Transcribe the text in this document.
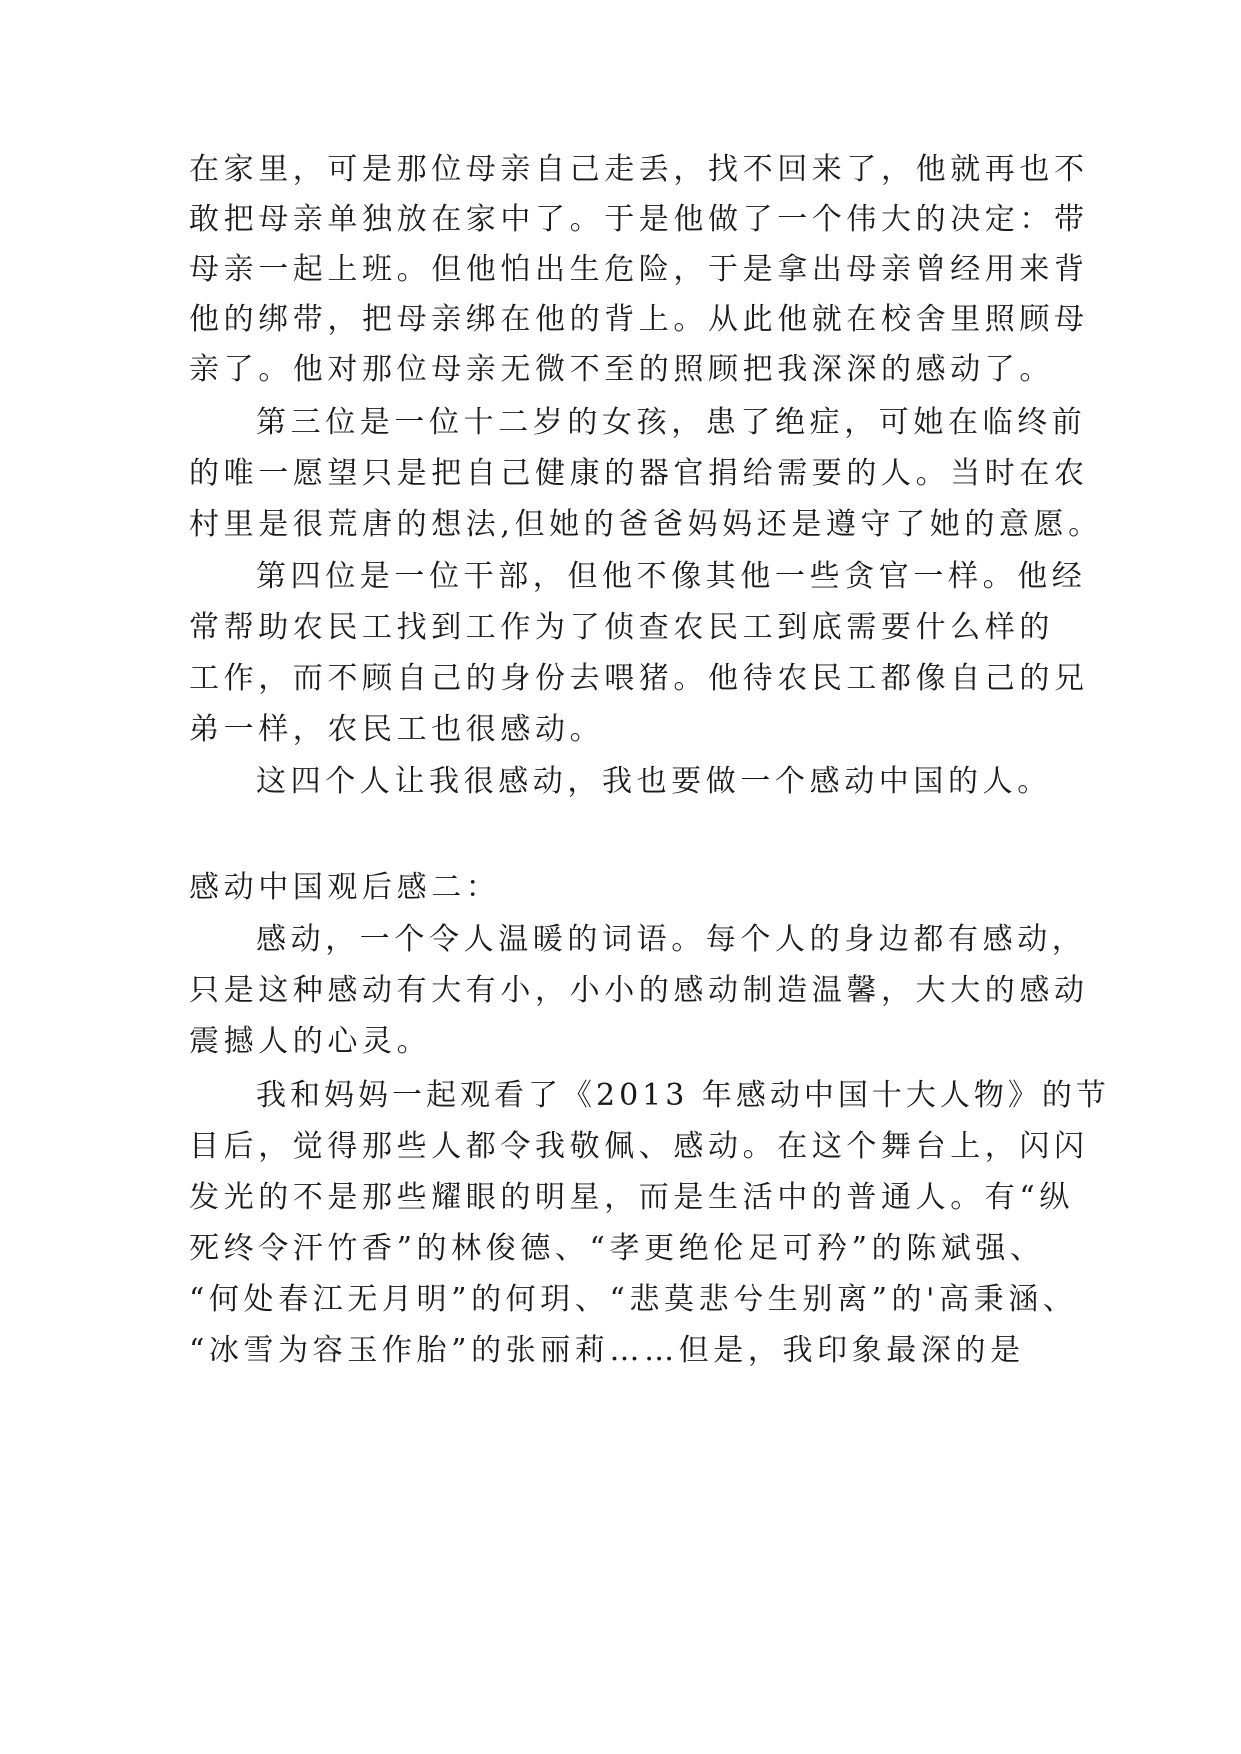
在家里，可是那位母亲自己走丢，找不回来了，他就再也不
敢把母亲单独放在家中了。于是他做了一个伟大的决定：带
母亲一起上班。但他怕出生危险，于是拿出母亲曾经用来背
他的绑带，把母亲绑在他的背上。从此他就在校舍里照顾母
亲了。他对那位母亲无微不至的照顾把我深深的感动了。
第三位是一位十二岁的女孩，患了绝症，可她在临终前
的唯一愿望只是把自己健康的器官捐给需要的人。当时在农
村里是很荒唐的想法,但她的爸爸妈妈还是遵守了她的意愿。
第四位是一位干部，但他不像其他一些贪官一样。他经
常帮助农民工找到工作为了侦查农民工到底需要什么样的
工作，而不顾自己的身份去喂猪。他待农民工都像自己的兄
弟一样，农民工也很感动。
这四个人让我很感动，我也要做一个感动中国的人。
感动中国观后感二：
感动，一个令人温暖的词语。每个人的身边都有感动，
只是这种感动有大有小，小小的感动制造温馨，大大的感动
震撼人的心灵。
我和妈妈一起观看了《2013 年感动中国十大人物》的节
目后，觉得那些人都令我敬佩、感动。在这个舞台上，闪闪
发光的不是那些耀眼的明星，而是生活中的普通人。有“纵
死终令汗竹香”的林俊德、“孝更绝伦足可矜”的陈斌强、
“何处春江无月明”的何玥、“悲莫悲兮生别离”的'高秉涵、
“冰雪为容玉作胎”的张丽莉……但是，我印象最深的是
